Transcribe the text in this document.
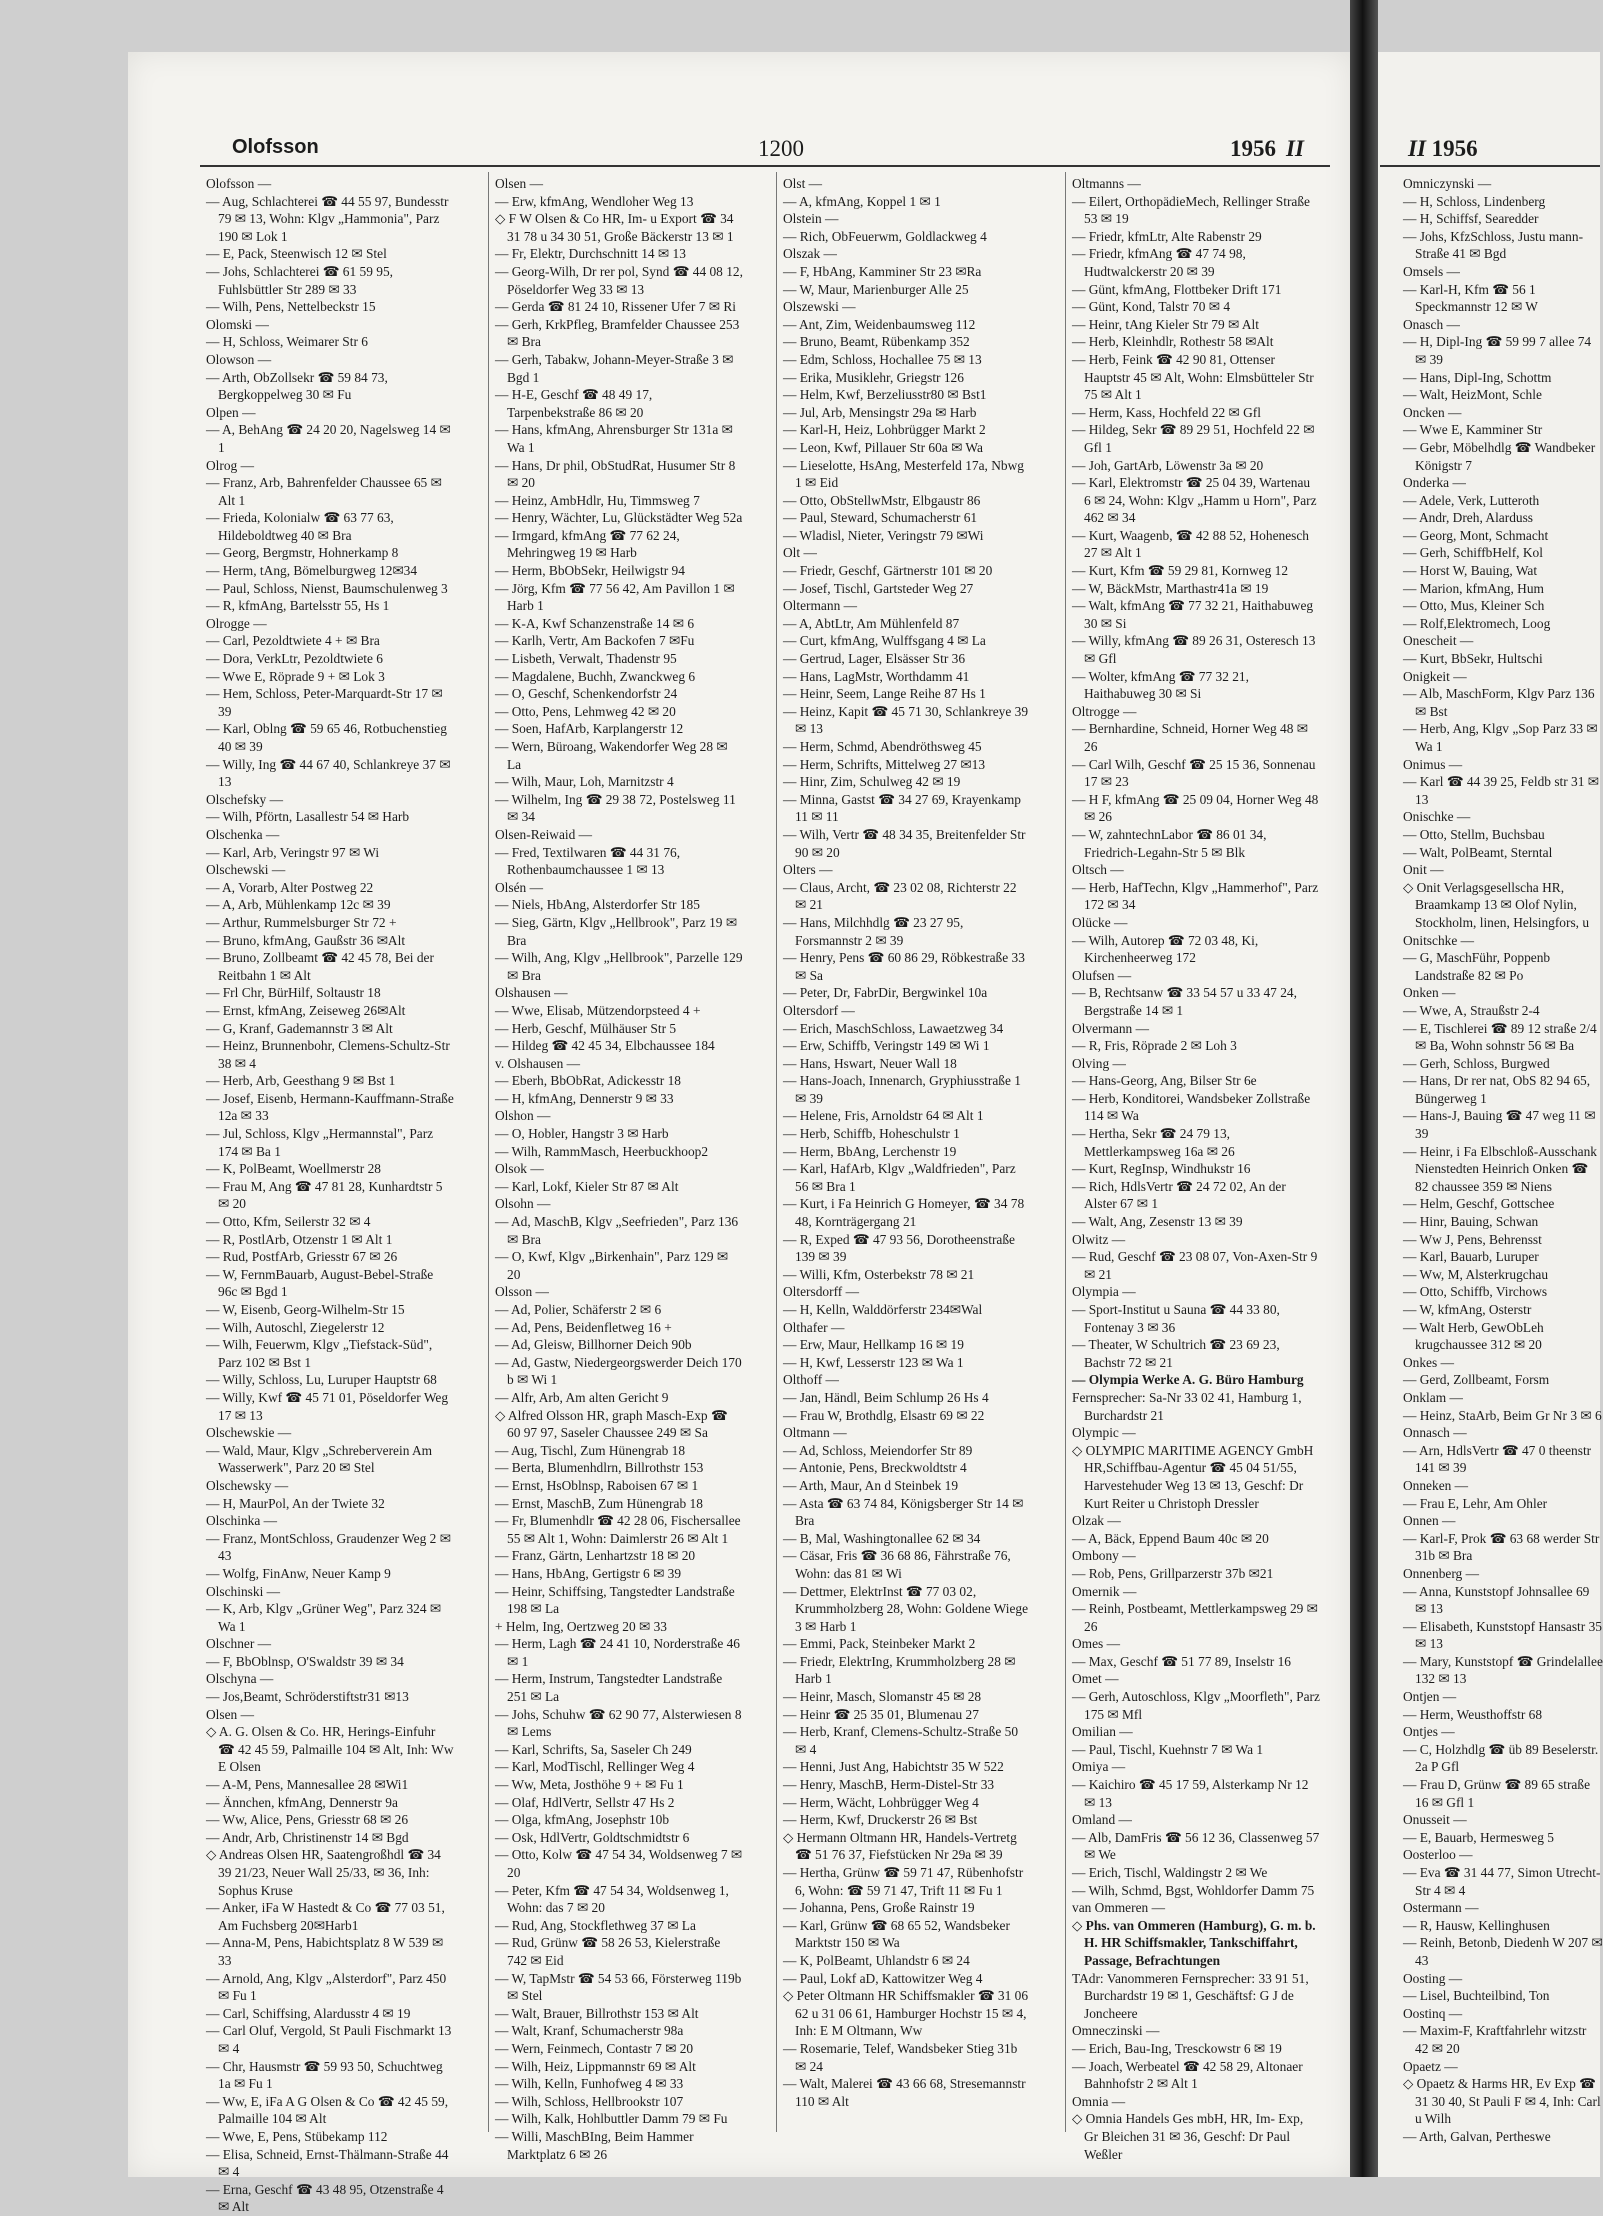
Olofsson	1200	1956 II	II 1956
Olofsson —
— Aug, Schlachterei ☎ 44 55 97, Bundesstr 79 ✉ 13, Wohn: Klgv „Hammonia", Parz 190 ✉ Lok 1
— E, Pack, Steenwisch 12 ✉ Stel
— Johs, Schlachterei ☎ 61 59 95, Fuhlsbüttler Str 289 ✉ 33
— Wilh, Pens, Nettelbeckstr 15
Olomski —
— H, Schloss, Weimarer Str 6
Olowson —
— Arth, ObZollsekr ☎ 59 84 73, Bergkoppelweg 30 ✉ Fu
Olpen —
— A, BehAng ☎ 24 20 20, Nagelsweg 14 ✉ 1
Olrog —
— Franz, Arb, Bahrenfelder Chaussee 65 ✉ Alt 1
— Frieda, Kolonialw ☎ 63 77 63, Hildeboldtweg 40 ✉ Bra
— Georg, Bergmstr, Hohnerkamp 8
— Herm, tAng, Bömelburgweg 12✉34
— Paul, Schloss, Nienst, Baumschulenweg 3
— R, kfmAng, Bartelsstr 55, Hs 1
Olrogge —
— Carl, Pezoldtwiete 4 + ✉ Bra
— Dora, VerkLtr, Pezoldtwiete 6
— Wwe E, Röprade 9 + ✉ Lok 3
— Hem, Schloss, Peter-Marquardt-Str 17 ✉ 39
— Karl, Oblng ☎ 59 65 46, Rotbuchenstieg 40 ✉ 39
— Willy, Ing ☎ 44 67 40, Schlankreye 37 ✉ 13
Olschefsky —
— Wilh, Pförtn, Lasallestr 54 ✉ Harb
Olschenka —
— Karl, Arb, Veringstr 97 ✉ Wi
Olschewski —
— A, Vorarb, Alter Postweg 22
— A, Arb, Mühlenkamp 12c ✉ 39
— Arthur, Rummelsburger Str 72 +
— Bruno, kfmAng, Gaußstr 36 ✉Alt
— Bruno, Zollbeamt ☎ 42 45 78, Bei der Reitbahn 1 ✉ Alt
— Frl Chr, BürHilf, Soltaustr 18
— Ernst, kfmAng, Zeiseweg 26✉Alt
— G, Kranf, Gademannstr 3 ✉ Alt
— Heinz, Brunnenbohr, Clemens-Schultz-Str 38 ✉ 4
— Herb, Arb, Geesthang 9 ✉ Bst 1
— Josef, Eisenb, Hermann-Kauffmann-Straße 12a ✉ 33
— Jul, Schloss, Klgv „Hermannstal", Parz 174 ✉ Ba 1
— K, PolBeamt, Woellmerstr 28
— Frau M, Ang ☎ 47 81 28, Kunhardtstr 5 ✉ 20
— Otto, Kfm, Seilerstr 32 ✉ 4
— R, PostlArb, Otzenstr 1 ✉ Alt 1
— Rud, PostfArb, Griesstr 67 ✉ 26
— W, FernmBauarb, August-Bebel-Straße 96c ✉ Bgd 1
— W, Eisenb, Georg-Wilhelm-Str 15
— Wilh, Autoschl, Ziegelerstr 12
— Wilh, Feuerwm, Klgv „Tiefstack-Süd", Parz 102 ✉ Bst 1
— Willy, Schloss, Lu, Luruper Hauptstr 68
— Willy, Kwf ☎ 45 71 01, Pöseldorfer Weg 17 ✉ 13
Olschewskie —
— Wald, Maur, Klgv „Schreberverein Am Wasserwerk", Parz 20 ✉ Stel
Olschewsky —
— H, MaurPol, An der Twiete 32
Olschinka —
— Franz, MontSchloss, Graudenzer Weg 2 ✉ 43
— Wolfg, FinAnw, Neuer Kamp 9
Olschinski —
— K, Arb, Klgv „Grüner Weg", Parz 324 ✉ Wa 1
Olschner —
— F, BbOblnsp, O'Swaldstr 39 ✉ 34
Olschyna —
— Jos,Beamt, Schröderstiftstr31 ✉13
Olsen —
◇ A. G. Olsen & Co. HR, Herings-Einfuhr ☎ 42 45 59, Palmaille 104 ✉ Alt, Inh: Ww E Olsen
— A-M, Pens, Mannesallee 28 ✉Wi1
— Ännchen, kfmAng, Dennerstr 9a
— Ww, Alice, Pens, Griesstr 68 ✉ 26
— Andr, Arb, Christinenstr 14 ✉ Bgd
◇ Andreas Olsen HR, Saatengroßhdl ☎ 34 39 21/23, Neuer Wall 25/33, ✉ 36, Inh: Sophus Kruse
— Anker, iFa W Hastedt & Co ☎ 77 03 51, Am Fuchsberg 20✉Harb1
— Anna-M, Pens, Habichtsplatz 8 W 539 ✉ 33
— Arnold, Ang, Klgv „Alsterdorf", Parz 450 ✉ Fu 1
— Carl, Schiffsing, Alardusstr 4 ✉ 19
— Carl Oluf, Vergold, St Pauli Fischmarkt 13 ✉ 4
— Chr, Hausmstr ☎ 59 93 50, Schuchtweg 1a ✉ Fu 1
— Ww, E, iFa A G Olsen & Co ☎ 42 45 59, Palmaille 104 ✉ Alt
— Wwe, E, Pens, Stübekamp 112
— Elisa, Schneid, Ernst-Thälmann-Straße 44 ✉ 4
— Erna, Geschf ☎ 43 48 95, Otzenstraße 4 ✉ Alt
Olsen —
— Erw, kfmAng, Wendloher Weg 13
◇ F W Olsen & Co HR, Im- u Export ☎ 34 31 78 u 34 30 51, Große Bäckerstr 13 ✉ 1
— Fr, Elektr, Durchschnitt 14 ✉ 13
— Georg-Wilh, Dr rer pol, Synd ☎ 44 08 12, Pöseldorfer Weg 33 ✉ 13
— Gerda ☎ 81 24 10, Rissener Ufer 7 ✉ Ri
— Gerh, KrkPfleg, Bramfelder Chaussee 253 ✉ Bra
— Gerh, Tabakw, Johann-Meyer-Straße 3 ✉ Bgd 1
— H-E, Geschf ☎ 48 49 17, Tarpenbekstraße 86 ✉ 20
— Hans, kfmAng, Ahrensburger Str 131a ✉ Wa 1
— Hans, Dr phil, ObStudRat, Husumer Str 8 ✉ 20
— Heinz, AmbHdlr, Hu, Timmsweg 7
— Henry, Wächter, Lu, Glückstädter Weg 52a
— Irmgard, kfmAng ☎ 77 62 24, Mehringweg 19 ✉ Harb
— Herm, BbObSekr, Heilwigstr 94
— Jörg, Kfm ☎ 77 56 42, Am Pavillon 1 ✉ Harb 1
— K-A, Kwf Schanzenstraße 14 ✉ 6
— Karlh, Vertr, Am Backofen 7 ✉Fu
— Lisbeth, Verwalt, Thadenstr 95
— Magdalene, Buchh, Zwanckweg 6
— O, Geschf, Schenkendorfstr 24
— Otto, Pens, Lehmweg 42 ✉ 20
— Soen, HafArb, Karplangerstr 12
— Wern, Büroang, Wakendorfer Weg 28 ✉ La
— Wilh, Maur, Loh, Marnitzstr 4
— Wilhelm, Ing ☎ 29 38 72, Postelsweg 11 ✉ 34
Olsen-Reiwaid —
— Fred, Textilwaren ☎ 44 31 76, Rothenbaumchaussee 1 ✉ 13
Olsén —
— Niels, HbAng, Alsterdorfer Str 185
— Sieg, Gärtn, Klgv „Hellbrook", Parz 19 ✉ Bra
— Wilh, Ang, Klgv „Hellbrook", Parzelle 129 ✉ Bra
Olshausen —
— Wwe, Elisab, Mützendorpsteed 4 +
— Herb, Geschf, Mülhäuser Str 5
— Hildeg ☎ 42 45 34, Elbchaussee 184
v. Olshausen —
— Eberh, BbObRat, Adickesstr 18
— H, kfmAng, Dennerstr 9 ✉ 33
Olshon —
— O, Hobler, Hangstr 3 ✉ Harb
— Wilh, RammMasch, Heerbuckhoop2
Olsok —
— Karl, Lokf, Kieler Str 87 ✉ Alt
Olsohn —
— Ad, MaschB, Klgv „Seefrieden", Parz 136 ✉ Bra
— O, Kwf, Klgv „Birkenhain", Parz 129 ✉ 20
Olsson —
— Ad, Polier, Schäferstr 2 ✉ 6
— Ad, Pens, Beidenfletweg 16 +
— Ad, Gleisw, Billhorner Deich 90b
— Ad, Gastw, Niedergeorgswerder Deich 170 b ✉ Wi 1
— Alfr, Arb, Am alten Gericht 9
◇ Alfred Olsson HR, graph Masch-Exp ☎ 60 97 97, Saseler Chaussee 249 ✉ Sa
— Aug, Tischl, Zum Hünengrab 18
— Berta, Blumenhdlrn, Billrothstr 153
— Ernst, HsOblnsp, Raboisen 67 ✉ 1
— Ernst, MaschB, Zum Hünengrab 18
— Fr, Blumenhdlr ☎ 42 28 06, Fischersallee 55 ✉ Alt 1, Wohn: Daimlerstr 26 ✉ Alt 1
— Franz, Gärtn, Lenhartzstr 18 ✉ 20
— Hans, HbAng, Gertigstr 6 ✉ 39
— Heinr, Schiffsing, Tangstedter Landstraße 198 ✉ La
+ Helm, Ing, Oertzweg 20 ✉ 33
— Herm, Lagh ☎ 24 41 10, Norderstraße 46 ✉ 1
— Herm, Instrum, Tangstedter Landstraße 251 ✉ La
— Johs, Schuhw ☎ 62 90 77, Alsterwiesen 8 ✉ Lems
— Karl, Schrifts, Sa, Saseler Ch 249
— Karl, ModTischl, Rellinger Weg 4
— Ww, Meta, Josthöhe 9 + ✉ Fu 1
— Olaf, HdlVertr, Sellstr 47 Hs 2
— Olga, kfmAng, Josephstr 10b
— Osk, HdlVertr, Goldtschmidtstr 6
— Otto, Kolw ☎ 47 54 34, Woldsenweg 7 ✉ 20
— Peter, Kfm ☎ 47 54 34, Woldsenweg 1, Wohn: das 7 ✉ 20
— Rud, Ang, Stockflethweg 37 ✉ La
— Rud, Grünw ☎ 58 26 53, Kielerstraße 742 ✉ Eid
— W, TapMstr ☎ 54 53 66, Försterweg 119b ✉ Stel
— Walt, Brauer, Billrothstr 153 ✉ Alt
— Walt, Kranf, Schumacherstr 98a
— Wern, Feinmech, Contastr 7 ✉ 20
— Wilh, Heiz, Lippmannstr 69 ✉ Alt
— Wilh, Kelln, Funhofweg 4 ✉ 33
— Wilh, Schloss, Hellbrookstr 107
— Wilh, Kalk, Hohlbuttler Damm 79 ✉ Fu
— Willi, MaschBIng, Beim Hammer Marktplatz 6 ✉ 26
Olst —
— A, kfmAng, Koppel 1 ✉ 1
Olstein —
— Rich, ObFeuerwm, Goldlackweg 4
Olszak —
— F, HbAng, Kamminer Str 23 ✉Ra
— W, Maur, Marienburger Alle 25
Olszewski —
— Ant, Zim, Weidenbaumsweg 112
— Bruno, Beamt, Rübenkamp 352
— Edm, Schloss, Hochallee 75 ✉ 13
— Erika, Musiklehr, Griegstr 126
— Helm, Kwf, Berzeliusstr80 ✉ Bst1
— Jul, Arb, Mensingstr 29a ✉ Harb
— Karl-H, Heiz, Lohbrügger Markt 2
— Leon, Kwf, Pillauer Str 60a ✉ Wa
— Lieselotte, HsAng, Mesterfeld 17a, Nbwg 1 ✉ Eid
— Otto, ObStellwMstr, Elbgaustr 86
— Paul, Steward, Schumacherstr 61
— Wladisl, Nieter, Veringstr 79 ✉Wi
Olt —
— Friedr, Geschf, Gärtnerstr 101 ✉ 20
— Josef, Tischl, Gartsteder Weg 27
Oltermann —
— A, AbtLtr, Am Mühlenfeld 87
— Curt, kfmAng, Wulffsgang 4 ✉ La
— Gertrud, Lager, Elsässer Str 36
— Hans, LagMstr, Worthdamm 41
— Heinr, Seem, Lange Reihe 87 Hs 1
— Heinz, Kapit ☎ 45 71 30, Schlankreye 39 ✉ 13
— Herm, Schmd, Abendröthsweg 45
— Herm, Schrifts, Mittelweg 27 ✉13
— Hinr, Zim, Schulweg 42 ✉ 19
— Minna, Gastst ☎ 34 27 69, Krayenkamp 11 ✉ 11
— Wilh, Vertr ☎ 48 34 35, Breitenfelder Str 90 ✉ 20
Olters —
— Claus, Archt, ☎ 23 02 08, Richterstr 22 ✉ 21
— Hans, Milchhdlg ☎ 23 27 95, Forsmannstr 2 ✉ 39
— Henry, Pens ☎ 60 86 29, Röbkestraße 33 ✉ Sa
— Peter, Dr, FabrDir, Bergwinkel 10a
Oltersdorf —
— Erich, MaschSchloss, Lawaetzweg 34
— Erw, Schiffb, Veringstr 149 ✉ Wi 1
— Hans, Hswart, Neuer Wall 18
— Hans-Joach, Innenarch, Gryphiusstraße 1 ✉ 39
— Helene, Fris, Arnoldstr 64 ✉ Alt 1
— Herb, Schiffb, Hoheschulstr 1
— Herm, BbAng, Lerchenstr 19
— Karl, HafArb, Klgv „Waldfrieden", Parz 56 ✉ Bra 1
— Kurt, i Fa Heinrich G Homeyer, ☎ 34 78 48, Kornträgergang 21
— R, Exped ☎ 47 93 56, Dorotheenstraße 139 ✉ 39
— Willi, Kfm, Osterbekstr 78 ✉ 21
Oltersdorff —
— H, Kelln, Walddörferstr 234✉Wal
Olthafer —
— Erw, Maur, Hellkamp 16 ✉ 19
— H, Kwf, Lesserstr 123 ✉ Wa 1
Olthoff —
— Jan, Händl, Beim Schlump 26 Hs 4
— Frau W, Brothdlg, Elsastr 69 ✉ 22
Oltmann —
— Ad, Schloss, Meiendorfer Str 89
— Antonie, Pens, Breckwoldtstr 4
— Arth, Maur, An d Steinbek 19
— Asta ☎ 63 74 84, Königsberger Str 14 ✉ Bra
— B, Mal, Washingtonallee 62 ✉ 34
— Cäsar, Fris ☎ 36 68 86, Fährstraße 76, Wohn: das 81 ✉ Wi
— Dettmer, ElektrInst ☎ 77 03 02, Krummholzberg 28, Wohn: Goldene Wiege 3 ✉ Harb 1
— Emmi, Pack, Steinbeker Markt 2
— Friedr, ElektrIng, Krummholzberg 28 ✉ Harb 1
— Heinr, Masch, Slomanstr 45 ✉ 28
— Heinr ☎ 25 35 01, Blumenau 27
— Herb, Kranf, Clemens-Schultz-Straße 50 ✉ 4
— Henni, Just Ang, Habichtstr 35 W 522
— Henry, MaschB, Herm-Distel-Str 33
— Herm, Wächt, Lohbrügger Weg 4
— Herm, Kwf, Druckerstr 26 ✉ Bst
◇ Hermann Oltmann HR, Handels-Vertretg ☎ 51 76 37, Fiefstücken Nr 29a ✉ 39
— Hertha, Grünw ☎ 59 71 47, Rübenhofstr 6, Wohn: ☎ 59 71 47, Trift 11 ✉ Fu 1
— Johanna, Pens, Große Rainstr 19
— Karl, Grünw ☎ 68 65 52, Wandsbeker Marktstr 150 ✉ Wa
— K, PolBeamt, Uhlandstr 6 ✉ 24
— Paul, Lokf aD, Kattowitzer Weg 4
◇ Peter Oltmann HR Schiffsmakler ☎ 31 06 62 u 31 06 61, Hamburger Hochstr 15 ✉ 4, Inh: E M Oltmann, Ww
— Rosemarie, Telef, Wandsbeker Stieg 31b ✉ 24
— Walt, Malerei ☎ 43 66 68, Stresemannstr 110 ✉ Alt
Oltmanns —
— Eilert, OrthopädieMech, Rellinger Straße 53 ✉ 19
— Friedr, kfmLtr, Alte Rabenstr 29
— Friedr, kfmAng ☎ 47 74 98, Hudtwalckerstr 20 ✉ 39
— Günt, kfmAng, Flottbeker Drift 171
— Günt, Kond, Talstr 70 ✉ 4
— Heinr, tAng Kieler Str 79 ✉ Alt
— Herb, Kleinhdlr, Rothestr 58 ✉Alt
— Herb, Feink ☎ 42 90 81, Ottenser Hauptstr 45 ✉ Alt, Wohn: Elmsbütteler Str 75 ✉ Alt 1
— Herm, Kass, Hochfeld 22 ✉ Gfl
— Hildeg, Sekr ☎ 89 29 51, Hochfeld 22 ✉ Gfl 1
— Joh, GartArb, Löwenstr 3a ✉ 20
— Karl, Elektromstr ☎ 25 04 39, Wartenau 6 ✉ 24, Wohn: Klgv „Hamm u Horn", Parz 462 ✉ 34
— Kurt, Waagenb, ☎ 42 88 52, Hohenesch 27 ✉ Alt 1
— Kurt, Kfm ☎ 59 29 81, Kornweg 12
— W, BäckMstr, Marthastr41a ✉ 19
— Walt, kfmAng ☎ 77 32 21, Haithabuweg 30 ✉ Si
— Willy, kfmAng ☎ 89 26 31, Osteresch 13 ✉ Gfl
— Wolter, kfmAng ☎ 77 32 21, Haithabuweg 30 ✉ Si
Oltrogge —
— Bernhardine, Schneid, Horner Weg 48 ✉ 26
— Carl Wilh, Geschf ☎ 25 15 36, Sonnenau 17 ✉ 23
— H F, kfmAng ☎ 25 09 04, Horner Weg 48 ✉ 26
— W, zahntechnLabor ☎ 86 01 34, Friedrich-Legahn-Str 5 ✉ Blk
Oltsch —
— Herb, HafTechn, Klgv „Hammerhof", Parz 172 ✉ 34
Olücke —
— Wilh, Autorep ☎ 72 03 48, Ki, Kirchenheerweg 172
Olufsen —
— B, Rechtsanw ☎ 33 54 57 u 33 47 24, Bergstraße 14 ✉ 1
Olvermann —
— R, Fris, Röprade 2 ✉ Loh 3
Olving —
— Hans-Georg, Ang, Bilser Str 6e
— Herb, Konditorei, Wandsbeker Zollstraße 114 ✉ Wa
— Hertha, Sekr ☎ 24 79 13, Mettlerkampsweg 16a ✉ 26
— Kurt, RegInsp, Windhukstr 16
— Rich, HdlsVertr ☎ 24 72 02, An der Alster 67 ✉ 1
— Walt, Ang, Zesenstr 13 ✉ 39
Olwitz —
— Rud, Geschf ☎ 23 08 07, Von-Axen-Str 9 ✉ 21
Olympia —
— Sport-Institut u Sauna ☎ 44 33 80, Fontenay 3 ✉ 36
— Theater, W Schultrich ☎ 23 69 23, Bachstr 72 ✉ 21
— Olympia Werke A. G. Büro Hamburg
Fernsprecher: Sa-Nr 33 02 41, Hamburg 1, Burchardstr 21
Olympic —
◇ OLYMPIC MARITIME AGENCY GmbH HR,Schiffbau-Agentur ☎ 45 04 51/55, Harvestehuder Weg 13 ✉ 13, Geschf: Dr Kurt Reiter u Christoph Dressler
Olzak —
— A, Bäck, Eppend Baum 40c ✉ 20
Ombony —
— Rob, Pens, Grillparzerstr 37b ✉21
Omernik —
— Reinh, Postbeamt, Mettlerkampsweg 29 ✉ 26
Omes —
— Max, Geschf ☎ 51 77 89, Inselstr 16
Omet —
— Gerh, Autoschloss, Klgv „Moorfleth", Parz 175 ✉ Mfl
Omilian —
— Paul, Tischl, Kuehnstr 7 ✉ Wa 1
Omiya —
— Kaichiro ☎ 45 17 59, Alsterkamp Nr 12 ✉ 13
Omland —
— Alb, DamFris ☎ 56 12 36, Classenweg 57 ✉ We
— Erich, Tischl, Waldingstr 2 ✉ We
— Wilh, Schmd, Bgst, Wohldorfer Damm 75
van Ommeren —
◇ Phs. van Ommeren (Hamburg), G. m. b. H. HR Schiffsmakler, Tankschiffahrt, Passage, Befrachtungen
TAdr: Vanommeren Fernsprecher: 33 91 51, Burchardstr 19 ✉ 1, Geschäftsf: G J de Joncheere
Omneczinski —
— Erich, Bau-Ing, Tresckowstr 6 ✉ 19
— Joach, Werbeatel ☎ 42 58 29, Altonaer Bahnhofstr 2 ✉ Alt 1
Omnia —
◇ Omnia Handels Ges mbH, HR, Im- Exp, Gr Bleichen 31 ✉ 36, Geschf: Dr Paul Weßler
Omniczynski —
— H, Schloss, Lindenberg
— H, Schiffsf, Searedder
— Johs, KfzSchloss, Justu mann-Straße 41 ✉ Bgd
Omsels —
— Karl-H, Kfm ☎ 56 1 Speckmannstr 12 ✉ W
Onasch —
— H, Dipl-Ing ☎ 59 99 7 allee 74 ✉ 39
— Hans, Dipl-Ing, Schottm
— Walt, HeizMont, Schle
Oncken —
— Wwe E, Kamminer Str
— Gebr, Möbelhdlg ☎ Wandbeker Königstr 7
Onderka —
— Adele, Verk, Lutteroth
— Andr, Dreh, Alarduss
— Georg, Mont, Schmacht
— Gerh, SchiffbHelf, Kol
— Horst W, Bauing, Wat
— Marion, kfmAng, Hum
— Otto, Mus, Kleiner Sch
— Rolf,Elektromech, Loog
Onescheit —
— Kurt, BbSekr, Hultschi
Onigkeit —
— Alb, MaschForm, Klgv Parz 136 ✉ Bst
— Herb, Ang, Klgv „Sop Parz 33 ✉ Wa 1
Onimus —
— Karl ☎ 44 39 25, Feldb str 31 ✉ 13
Onischke —
— Otto, Stellm, Buchsbau
— Walt, PolBeamt, Sterntal
Onit —
◇ Onit Verlagsgesellscha HR, Braamkamp 13 ✉ Olof Nylin, Stockholm, linen, Helsingfors, u
Onitschke —
— G, MaschFühr, Poppenb Landstraße 82 ✉ Po
Onken —
— Wwe, A, Straußstr 2-4
— E, Tischlerei ☎ 89 12 straße 2/4 ✉ Ba, Wohn sohnstr 56 ✉ Ba
— Gerh, Schloss, Burgwed
— Hans, Dr rer nat, ObS 82 94 65, Büngerweg 1
— Hans-J, Bauing ☎ 47 weg 11 ✉ 39
— Heinr, i Fa Elbschloß-Ausschank Nienstedten Heinrich Onken ☎ 82 chaussee 359 ✉ Niens
— Helm, Geschf, Gottschee
— Hinr, Bauing, Schwan
— Ww J, Pens, Behrensst
— Karl, Bauarb, Luruper
— Ww, M, Alsterkrugchau
— Otto, Schiffb, Virchows
— W, kfmAng, Osterstr
— Walt Herb, GewObLeh krugchaussee 312 ✉ 20
Onkes —
— Gerd, Zollbeamt, Forsm
Onklam —
— Heinz, StaArb, Beim Gr Nr 3 ✉ 6
Onnasch —
— Arn, HdlsVertr ☎ 47 0 theenstr 141 ✉ 39
Onneken —
— Frau E, Lehr, Am Ohler
Onnen —
— Karl-F, Prok ☎ 63 68 werder Str 31b ✉ Bra
Onnenberg —
— Anna, Kunststopf Johnsallee 69 ✉ 13
— Elisabeth, Kunststopf Hansastr 35 ✉ 13
— Mary, Kunststopf ☎ Grindelallee 132 ✉ 13
Ontjen —
— Herm, Weusthoffstr 68
Ontjes —
— C, Holzhdlg ☎ üb 89 Beselerstr. 2a P Gfl
— Frau D, Grünw ☎ 89 65 straße 16 ✉ Gfl 1
Onusseit —
— E, Bauarb, Hermesweg 5
Oosterloo —
— Eva ☎ 31 44 77, Simon Utrecht-Str 4 ✉ 4
Ostermann —
— R, Hausw, Kellinghusen
— Reinh, Betonb, Diedenh W 207 ✉ 43
Oosting —
— Lisel, Buchteilbind, Ton
Oostinq —
— Maxim-F, Kraftfahrlehr witzstr 42 ✉ 20
Opaetz —
◇ Opaetz & Harms HR, Ev Exp ☎ 31 30 40, St Pauli F ✉ 4, Inh: Carl u Wilh
— Arth, Galvan, Pertheswe
